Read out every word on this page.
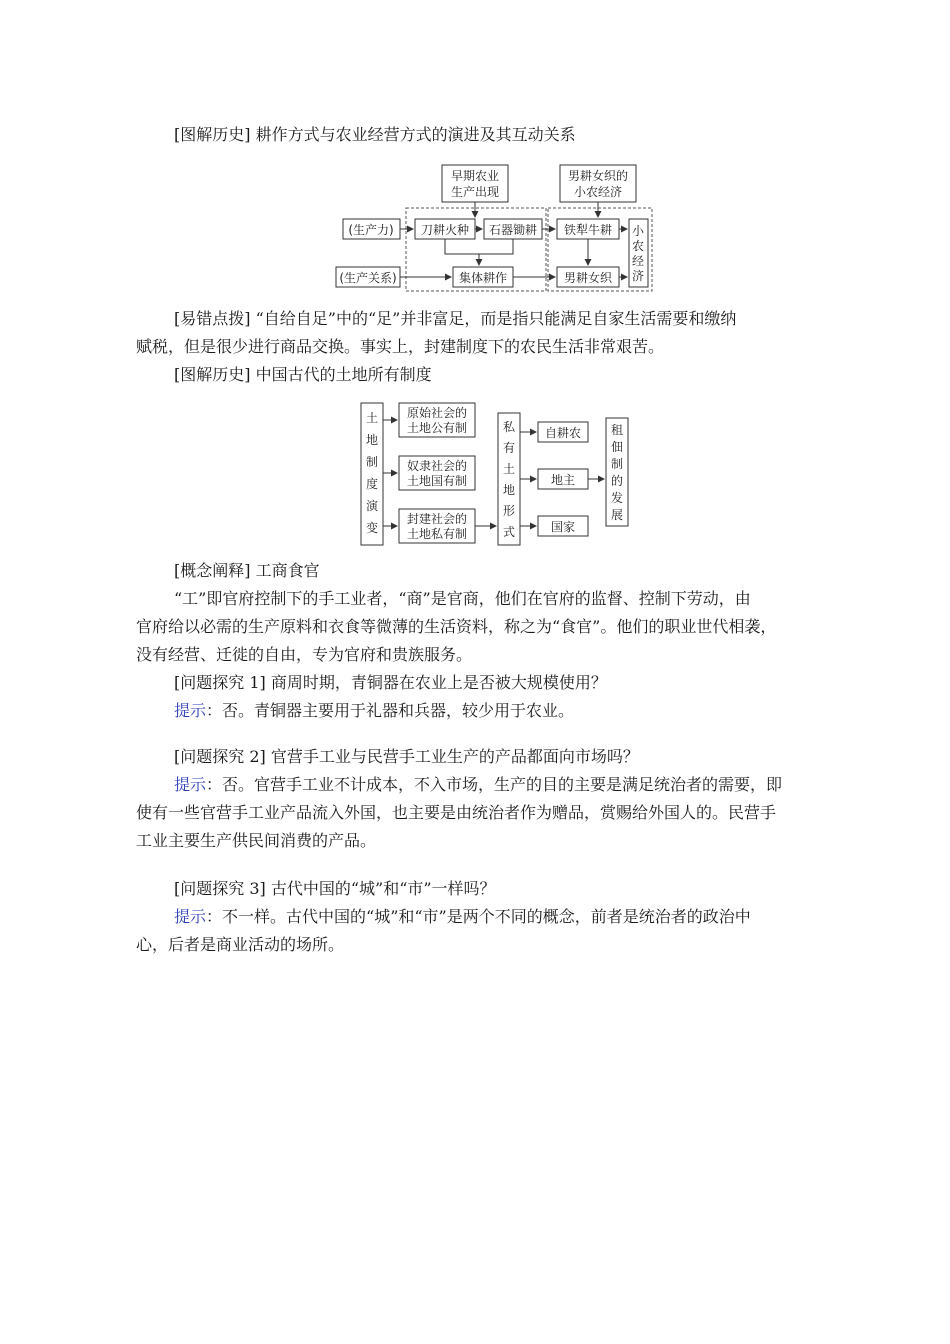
[图解历史] 耕作方式与农业经营方式的演进及其互动关系
早期农业
生产出现
男耕女织的
小农经济
(生产力) 刀耕火种 石器锄耕 铁犁牛耕
(生产关系)	集体耕作	男耕女织
小
农
经
济
土
地
制
度
演
变
原始社会的
土地公有制
奴隶社会的
土地国有制
封建社会的
土地私有制
私
有
土
地
形
式
自耕农
地主
国家
租
佃
制
的
发
展
[易错点拨] “自给自足”中的“足”并非富足，而是指只能满足自家生活需要和缴纳
赋税，但是很少进行商品交换。事实上，封建制度下的农民生活非常艰苦。
[图解历史] 中国古代的土地所有制度
[概念阐释] 工商食官
“工”即官府控制下的手工业者，“商”是官商，他们在官府的监督、控制下劳动，由
官府给以必需的生产原料和衣食等微薄的生活资料，称之为“食官”。他们的职业世代相袭，
没有经营、迁徙的自由，专为官府和贵族服务。
[问题探究 1] 商周时期，青铜器在农业上是否被大规模使用？
提示：否。青铜器主要用于礼器和兵器，较少用于农业。
[问题探究 2] 官营手工业与民营手工业生产的产品都面向市场吗？
提示：否。官营手工业不计成本，不入市场，生产的目的主要是满足统治者的需要，即
使有一些官营手工业产品流入外国，也主要是由统治者作为赠品，赏赐给外国人的。民营手
工业主要生产供民间消费的产品。
[问题探究 3] 古代中国的“城”和“市”一样吗？
提示：不一样。古代中国的“城”和“市”是两个不同的概念，前者是统治者的政治中
心，后者是商业活动的场所。
